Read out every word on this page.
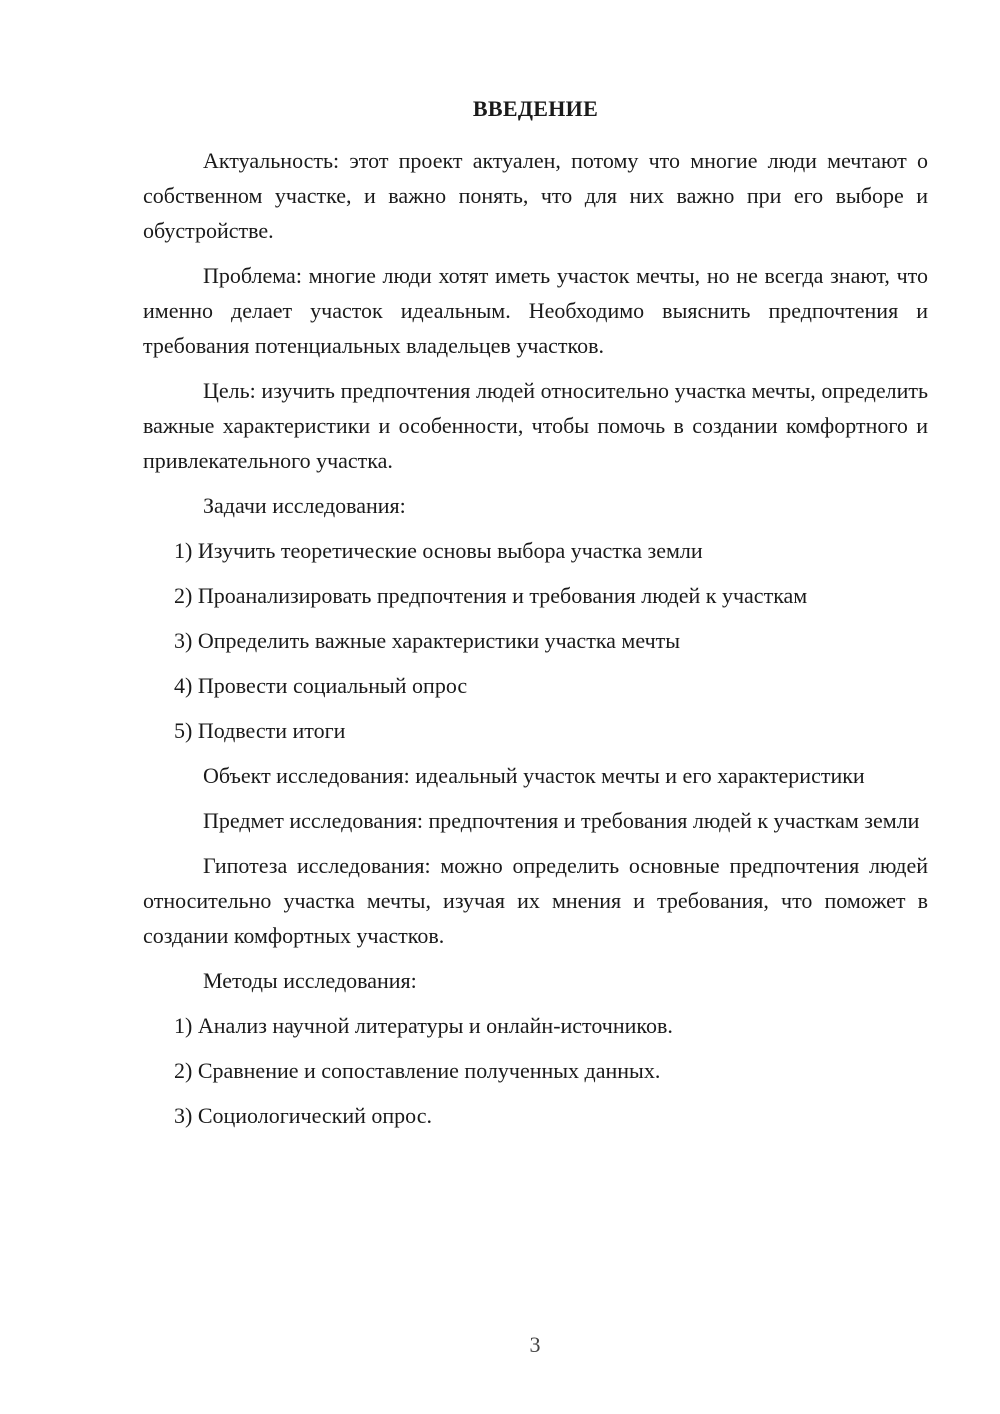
ВВЕДЕНИЕ

Актуальность: этот проект актуален, потому что многие люди мечтают о собственном участке, и важно понять, что для них важно при его выборе и обустройстве.

Проблема: многие люди хотят иметь участок мечты, но не всегда знают, что именно делает участок идеальным. Необходимо выяснить предпочтения и требования потенциальных владельцев участков.

Цель: изучить предпочтения людей относительно участка мечты, определить важные характеристики и особенности, чтобы помочь в создании комфортного и привлекательного участка.

Задачи исследования:

1) Изучить теоретические основы выбора участка земли

2) Проанализировать предпочтения и требования людей к участкам

3) Определить важные характеристики участка мечты

4) Провести социальный опрос

5) Подвести итоги

Объект исследования: идеальный участок мечты и его характеристики

Предмет исследования: предпочтения и требования людей к участкам земли

Гипотеза исследования: можно определить основные предпочтения людей относительно участка мечты, изучая их мнения и требования, что поможет в создании комфортных участков.

Методы исследования:

1) Анализ научной литературы и онлайн-источников.

2) Сравнение и сопоставление полученных данных.

3) Социологический опрос.

3
